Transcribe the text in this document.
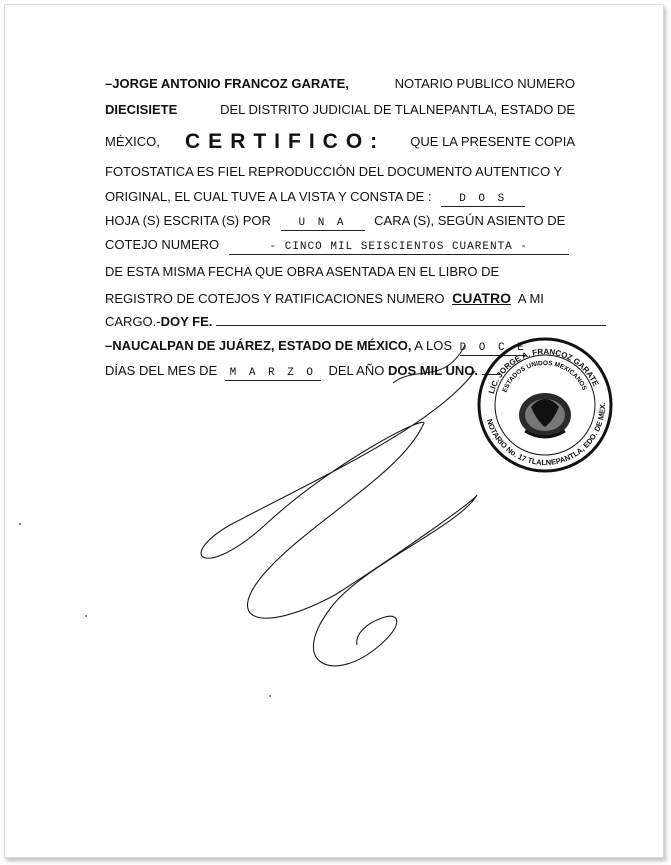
–JORGE ANTONIO FRANCOZ GARATE,	NOTARIO PUBLICO NUMERO
DIECISIETE	DEL DISTRITO JUDICIAL DE TLALNEPANTLA, ESTADO DE
MÉXICO, CERTIFICO: QUE LA PRESENTE COPIA
FOTOSTATICA ES FIEL REPRODUCCIÓN DEL DOCUMENTO AUTENTICO Y
ORIGINAL, EL CUAL TUVE A LA VISTA Y CONSTA DE :	D O S
HOJA (S) ESCRITA (S) POR	U N A CARA (S), SEGÚN ASIENTO DE
COTEJO NUMERO	- CINCO MIL SEISCIENTOS CUARENTA -
DE ESTA MISMA FECHA QUE OBRA ASENTADA EN EL LIBRO DE
REGISTRO DE COTEJOS Y RATIFICACIONES NUMERO CUATRO A MI
CARGO.-DOY FE.
–NAUCALPAN DE JUÁREZ, ESTADO DE MÉXICO, A LOS D O C E
DÍAS DEL MES DE M A R Z O DEL AÑO DOS MIL UNO.
NOTARIO No. 17 TLALNEPANTLA, EDO. DE MEX.
LIC. JORGE A. FRANCOZ GARATE
ESTADOS UNIDOS MEXICANOS
